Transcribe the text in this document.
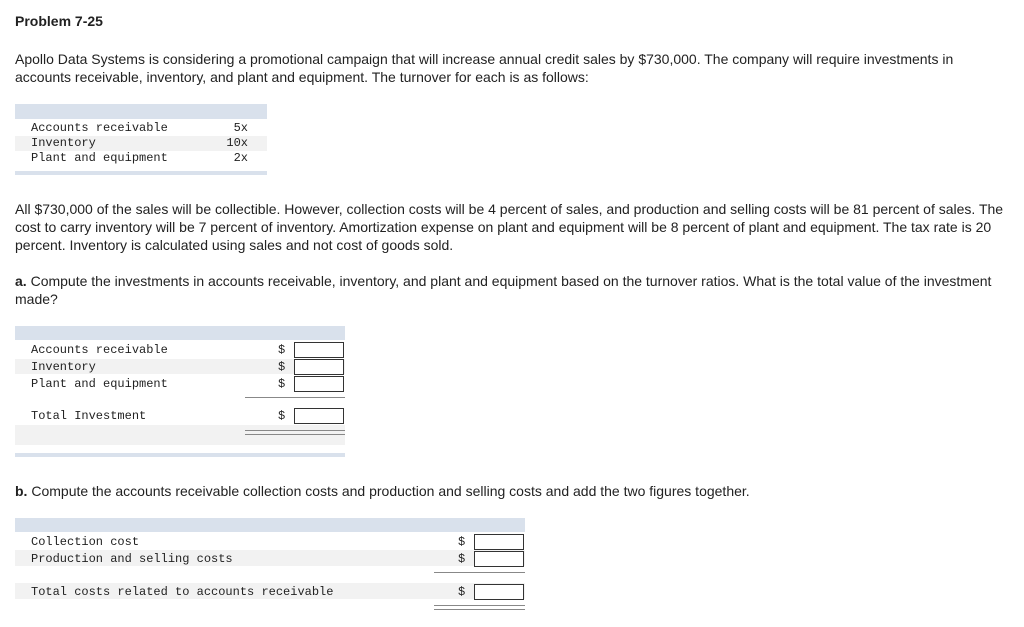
Problem 7-25
Apollo Data Systems is considering a promotional campaign that will increase annual credit sales by $730,000. The company will require investments in accounts receivable, inventory, and plant and equipment. The turnover for each is as follows:
Accounts receivable	5x
Inventory	10x
Plant and equipment	2x
All $730,000 of the sales will be collectible. However, collection costs will be 4 percent of sales, and production and selling costs will be 81 percent of sales. The cost to carry inventory will be 7 percent of inventory. Amortization expense on plant and equipment will be 8 percent of plant and equipment. The tax rate is 20 percent. Inventory is calculated using sales and not cost of goods sold.
a. Compute the investments in accounts receivable, inventory, and plant and equipment based on the turnover ratios. What is the total value of the investment made?
Accounts receivable	$
Inventory	$
Plant and equipment	$
Total Investment	$
b. Compute the accounts receivable collection costs and production and selling costs and add the two figures together.
Collection cost	$
Production and selling costs	$
Total costs related to accounts receivable	$
